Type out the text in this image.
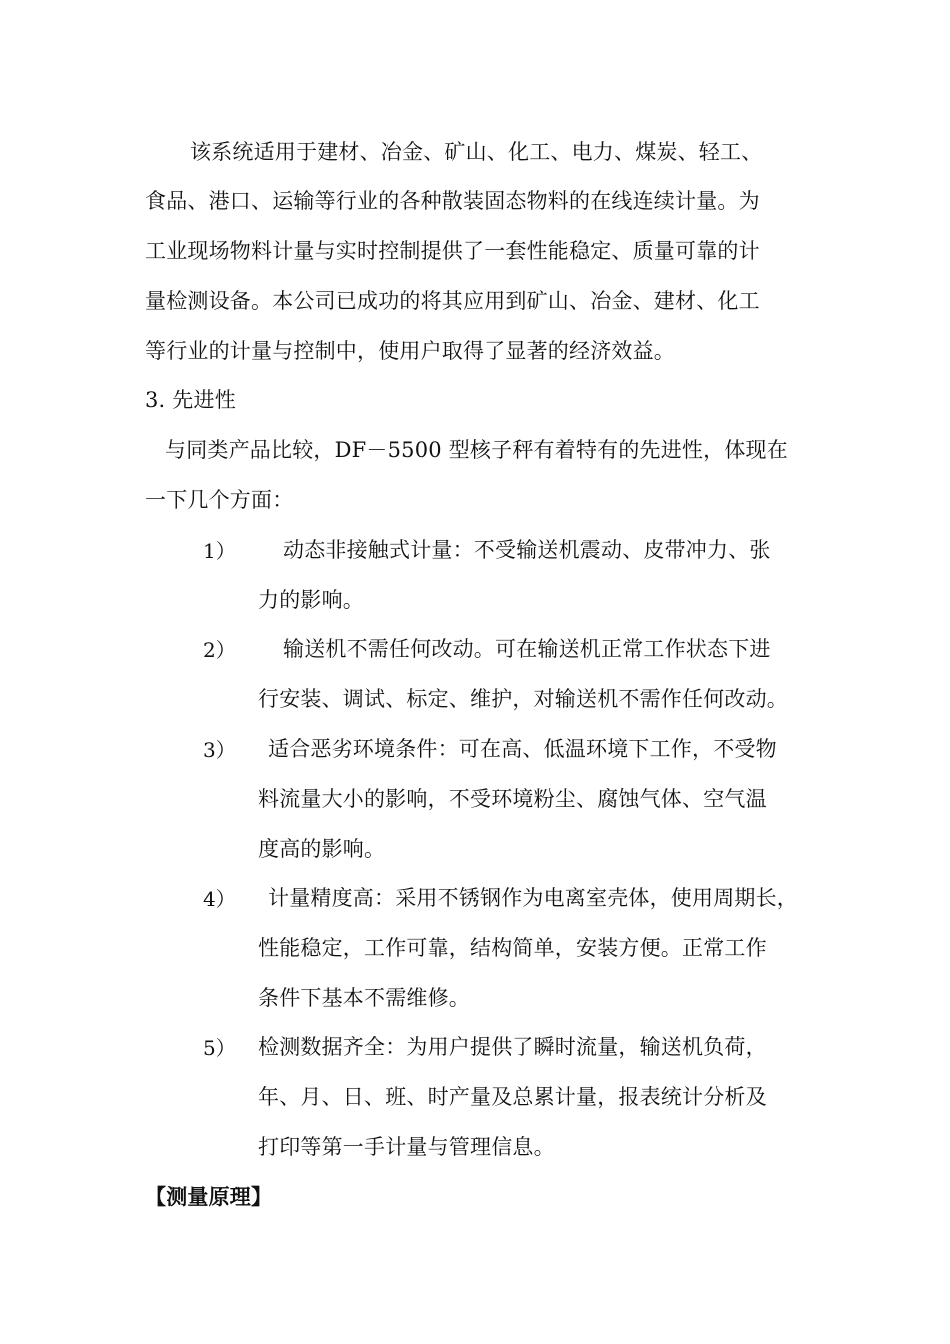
该系统适用于建材、冶金、矿山、化工、电力、煤炭、轻工、
食品、港口、运输等行业的各种散装固态物料的在线连续计量。为
工业现场物料计量与实时控制提供了一套性能稳定、质量可靠的计
量检测设备。本公司已成功的将其应用到矿山、冶金、建材、化工
等行业的计量与控制中，使用户取得了显著的经济效益。
3. 先进性
与同类产品比较，DF－5500 型核子秤有着特有的先进性，体现在
一下几个方面：
1） 动态非接触式计量：不受输送机震动、皮带冲力、张
力的影响。
2） 输送机不需任何改动。可在输送机正常工作状态下进
行安装、调试、标定、维护，对输送机不需作任何改动。
3） 适合恶劣环境条件：可在高、低温环境下工作，不受物
料流量大小的影响，不受环境粉尘、腐蚀气体、空气温
度高的影响。
4） 计量精度高：采用不锈钢作为电离室壳体，使用周期长，
性能稳定，工作可靠，结构简单，安装方便。正常工作
条件下基本不需维修。
5） 检测数据齐全：为用户提供了瞬时流量，输送机负荷，
年、月、日、班、时产量及总累计量，报表统计分析及
打印等第一手计量与管理信息。
【测量原理】
